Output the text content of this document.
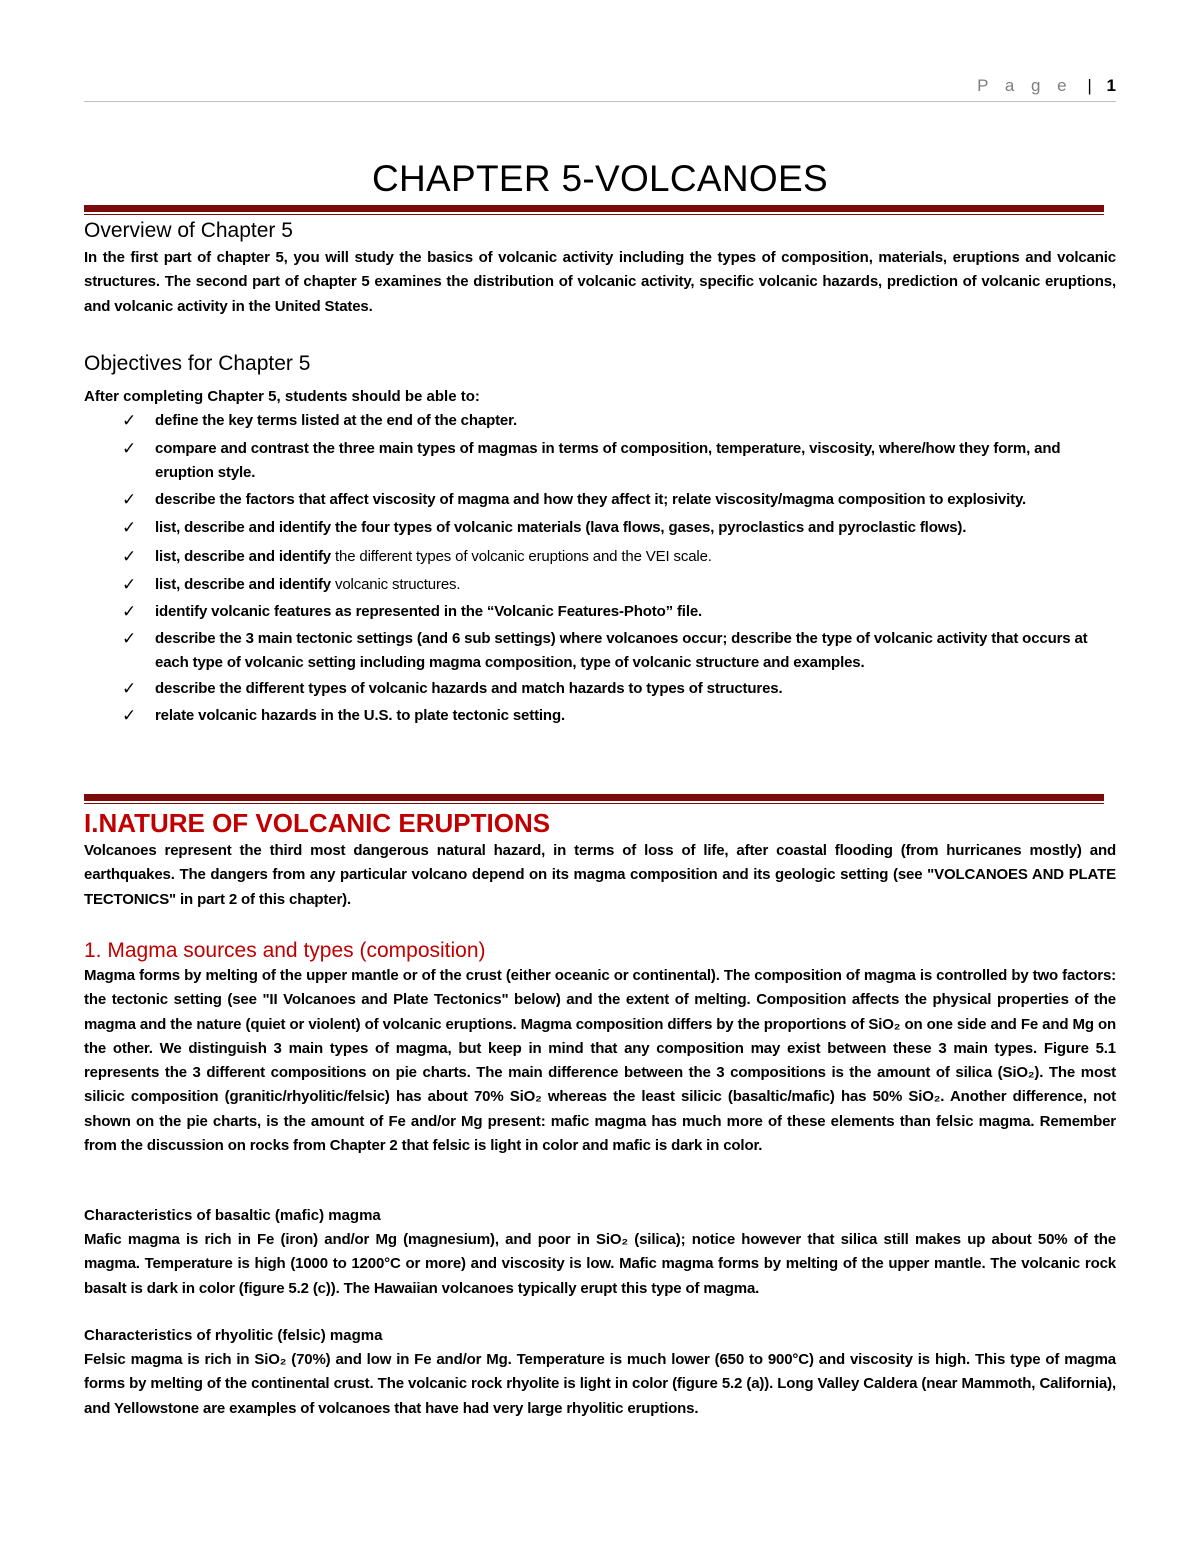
P a g e | 1
CHAPTER 5-VOLCANOES
Overview of Chapter 5

In the first part of chapter 5, you will study the basics of volcanic activity including the types of composition, materials, eruptions and volcanic structures. The second part of chapter 5 examines the distribution of volcanic activity, specific volcanic hazards, prediction of volcanic eruptions, and volcanic activity in the United States.

Objectives for Chapter 5

After completing Chapter 5, students should be able to:

✓ define the key terms listed at the end of the chapter.
✓ compare and contrast the three main types of magmas in terms of composition, temperature, viscosity, where/how they form, and eruption style.
✓ describe the factors that affect viscosity of magma and how they affect it; relate viscosity/magma composition to explosivity.
✓ list, describe and identify the four types of volcanic materials (lava flows, gases, pyroclastics and pyroclastic flows).
✓ list, describe and identify the different types of volcanic eruptions and the VEI scale.
✓ list, describe and identify volcanic structures.
✓ identify volcanic features as represented in the “Volcanic Features-Photo” file.
✓ describe the 3 main tectonic settings (and 6 sub settings) where volcanoes occur; describe the type of volcanic activity that occurs at each type of volcanic setting including magma composition, type of volcanic structure and examples.
✓ describe the different types of volcanic hazards and match hazards to types of structures.
✓ relate volcanic hazards in the U.S. to plate tectonic setting.
I.NATURE OF VOLCANIC ERUPTIONS

Volcanoes represent the third most dangerous natural hazard, in terms of loss of life, after coastal flooding (from hurricanes mostly) and earthquakes. The dangers from any particular volcano depend on its magma composition and its geologic setting (see "VOLCANOES AND PLATE TECTONICS" in part 2 of this chapter).

1. Magma sources and types (composition)

Magma forms by melting of the upper mantle or of the crust (either oceanic or continental). The composition of magma is controlled by two factors: the tectonic setting (see "II Volcanoes and Plate Tectonics" below) and the extent of melting. Composition affects the physical properties of the magma and the nature (quiet or violent) of volcanic eruptions. Magma composition differs by the proportions of SiO₂ on one side and Fe and Mg on the other. We distinguish 3 main types of magma, but keep in mind that any composition may exist between these 3 main types. Figure 5.1 represents the 3 different compositions on pie charts. The main difference between the 3 compositions is the amount of silica (SiO₂). The most silicic composition (granitic/rhyolitic/felsic) has about 70% SiO₂ whereas the least silicic (basaltic/mafic) has 50% SiO₂. Another difference, not shown on the pie charts, is the amount of Fe and/or Mg present: mafic magma has much more of these elements than felsic magma. Remember from the discussion on rocks from Chapter 2 that felsic is light in color and mafic is dark in color.

Characteristics of basaltic (mafic) magma

Mafic magma is rich in Fe (iron) and/or Mg (magnesium), and poor in SiO₂ (silica); notice however that silica still makes up about 50% of the magma. Temperature is high (1000 to 1200°C or more) and viscosity is low. Mafic magma forms by melting of the upper mantle. The volcanic rock basalt is dark in color (figure 5.2 (c)). The Hawaiian volcanoes typically erupt this type of magma.

Characteristics of rhyolitic (felsic) magma

Felsic magma is rich in SiO₂ (70%) and low in Fe and/or Mg. Temperature is much lower (650 to 900°C) and viscosity is high. This type of magma forms by melting of the continental crust. The volcanic rock rhyolite is light in color (figure 5.2 (a)). Long Valley Caldera (near Mammoth, California), and Yellowstone are examples of volcanoes that have had very large rhyolitic eruptions.
